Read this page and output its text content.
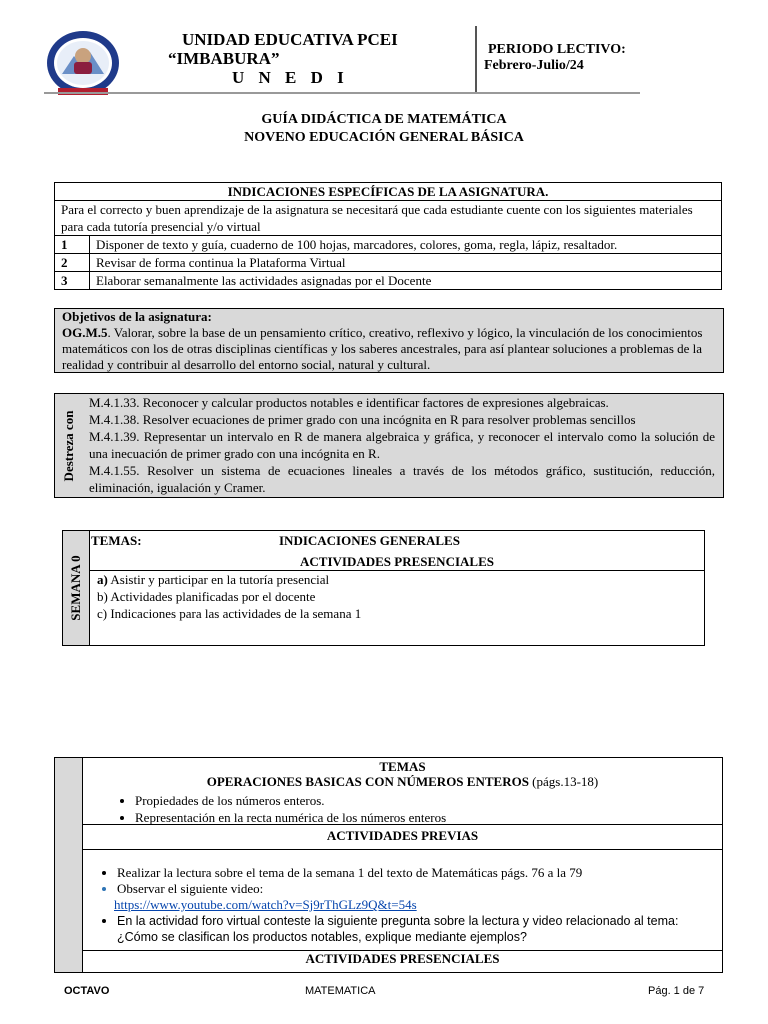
UNIDAD EDUCATIVA PCEI
“IMBABURA”
U N E D I
PERIODO LECTIVO:
Febrero-Julio/24
GUÍA DIDÁCTICA DE MATEMÁTICA
NOVENO EDUCACIÓN GENERAL BÁSICA
INDICACIONES ESPECÍFICAS DE LA ASIGNATURA.	
Para el correcto y buen aprendizaje de la asignatura se necesitará que cada estudiante cuente con los siguientes materiales para cada tutoría presencial y/o virtual	
1	Disponer de texto y guía, cuaderno de 100 hojas, marcadores, colores, goma, regla, lápiz, resaltador.
2	Revisar de forma continua la Plataforma Virtual
3	Elaborar semanalmente las actividades asignadas por el Docente
Objetivos de la asignatura:
OG.M.5. Valorar, sobre la base de un pensamiento crítico, creativo, reflexivo y lógico, la vinculación de los conocimientos matemáticos con los de otras disciplinas científicas y los saberes ancestrales, para así plantear soluciones a problemas de la realidad y contribuir al desarrollo del entorno social, natural y cultural.
Destreza con
M.4.1.33. Reconocer y calcular productos notables e identificar factores de expresiones algebraicas.
M.4.1.38. Resolver ecuaciones de primer grado con una incógnita en R para resolver problemas sencillos
M.4.1.39. Representar un intervalo en R de manera algebraica y gráfica, y reconocer el intervalo como la solución de una inecuación de primer grado con una incógnita en R.
M.4.1.55. Resolver un sistema de ecuaciones lineales a través de los métodos gráfico, sustitución, reducción, eliminación, igualación y Cramer.
SEMANA 0
TEMAS:	INDICACIONES GENERALES
ACTIVIDADES PRESENCIALES
a) Asistir y participar en la tutoría presencial
b) Actividades planificadas por el docente
c) Indicaciones para las actividades de la semana 1
TEMAS
OPERACIONES BASICAS CON NÚMEROS ENTEROS (págs.13-18)
• Propiedades de los números enteros.
• Representación en la recta numérica de los números enteros
ACTIVIDADES PREVIAS
• Realizar la lectura sobre el tema de la semana 1 del texto de Matemáticas págs. 76 a la 79
• Observar el siguiente video:
https://www.youtube.com/watch?v=Sj9rThGLz9Q&t=54s
• En la actividad foro virtual conteste la siguiente pregunta sobre la lectura y video relacionado al tema:
¿Cómo se clasifican los productos notables, explique mediante ejemplos?
ACTIVIDADES PRESENCIALES
OCTAVO	MATEMATICA	Pág. 1 de 7
